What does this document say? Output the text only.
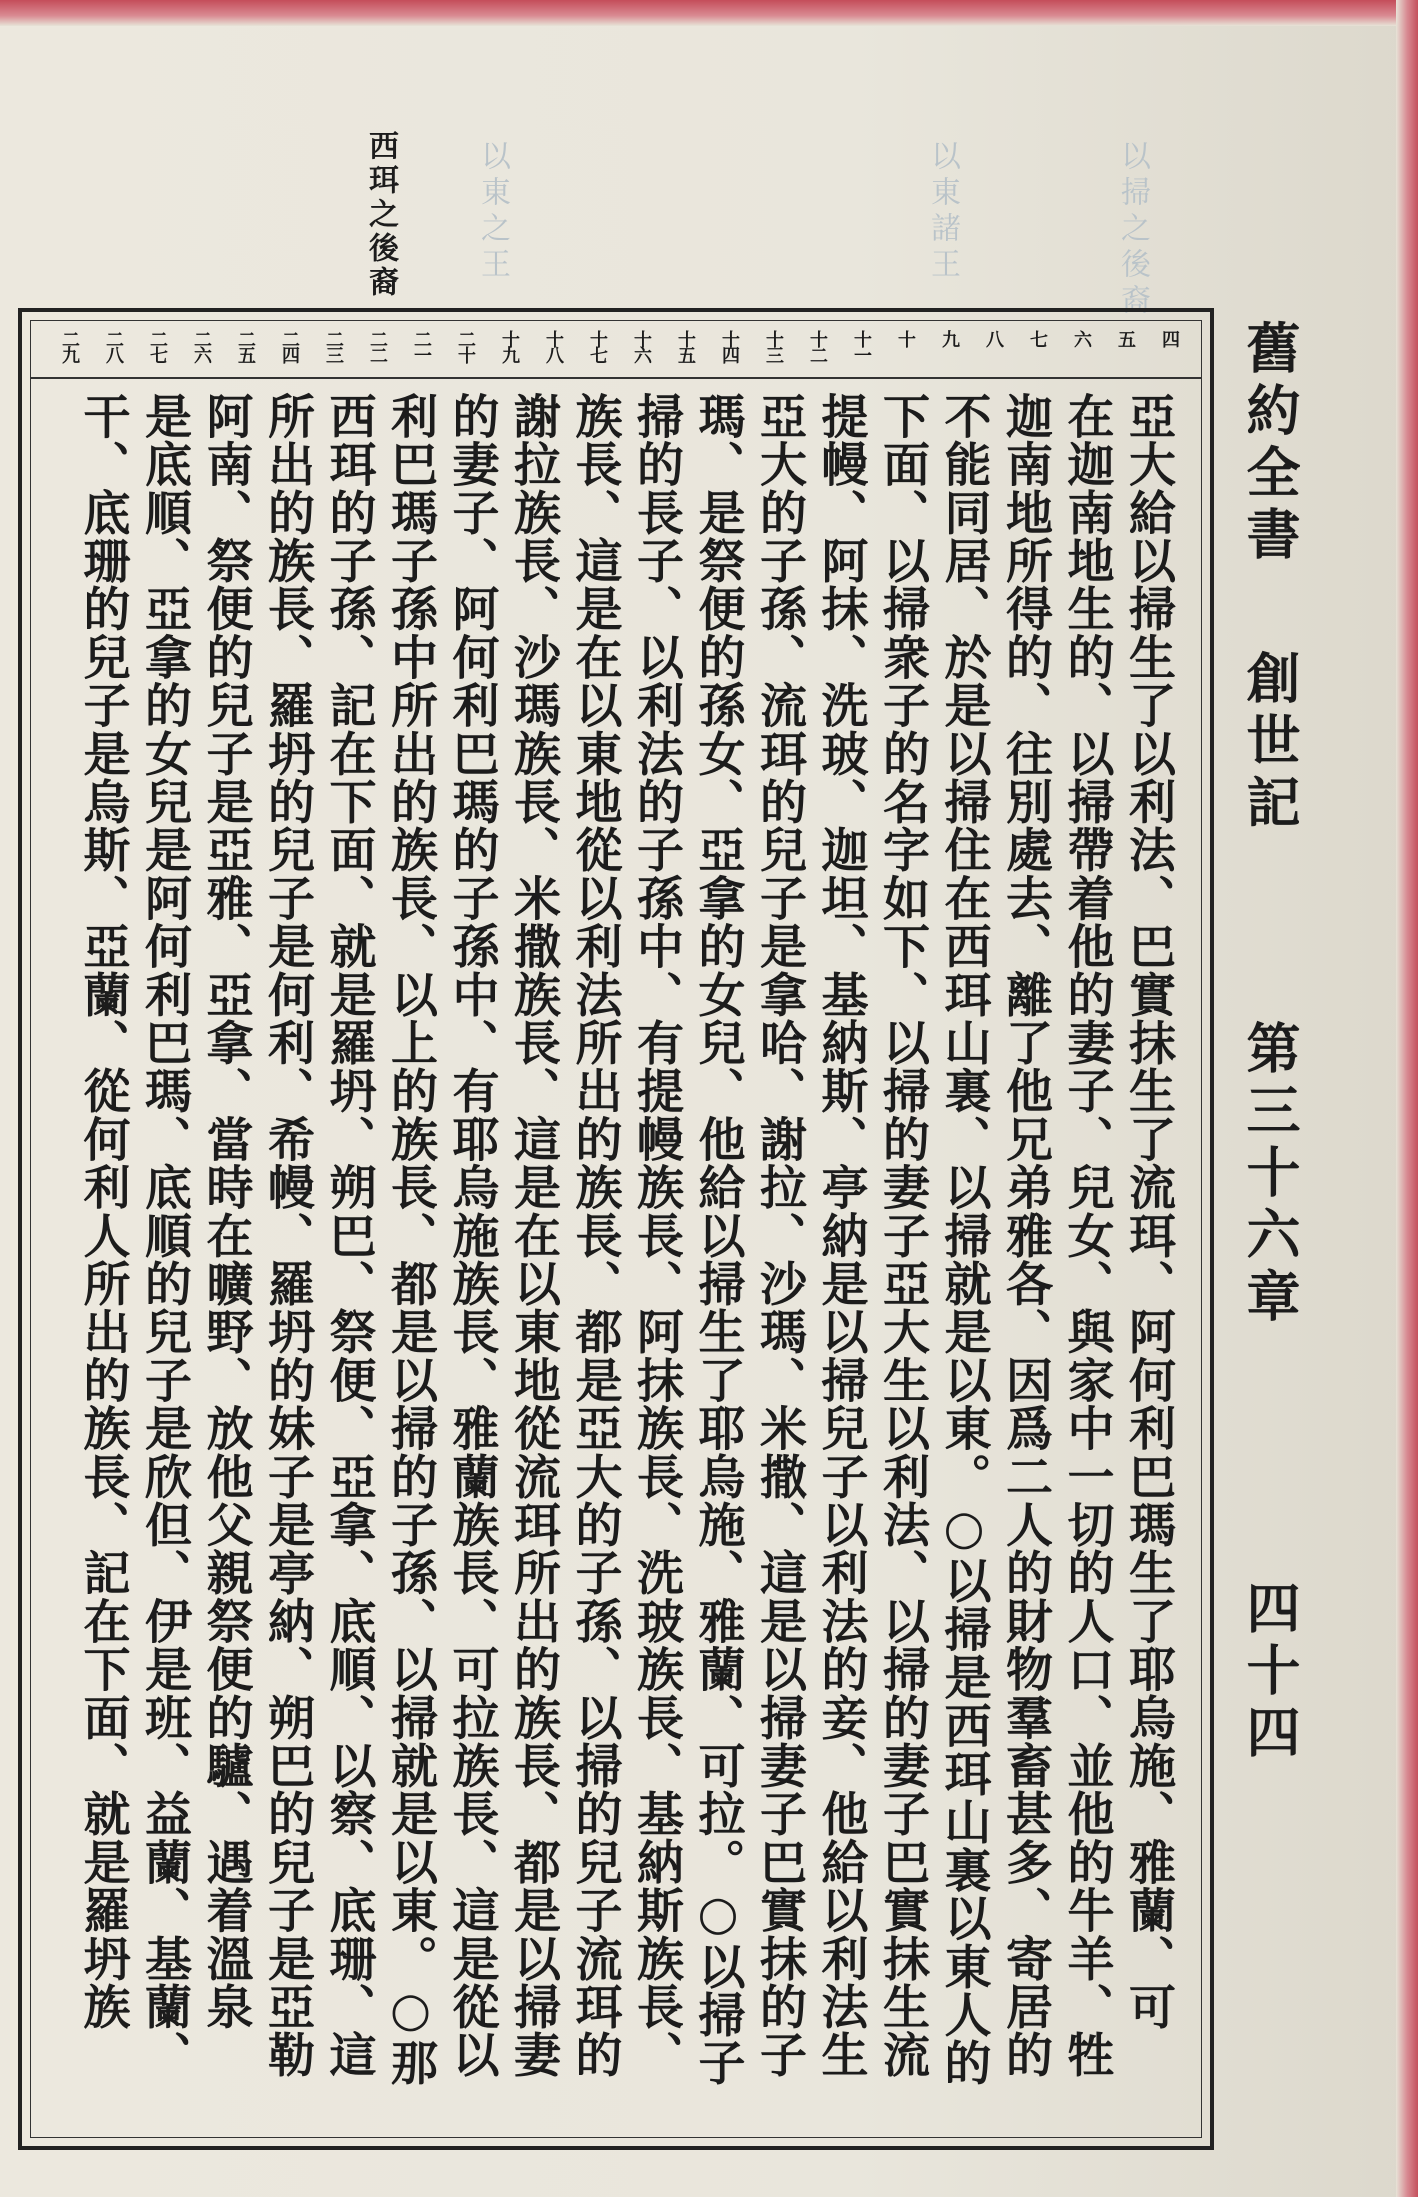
以掃之後裔
以東諸王
以東之王
西珥之後裔
舊約全書
創世記
第三十六章
四十四
四
五
六
七
八
九
十
十一
十二
十三
十四
十五
十六
十七
十八
十九
二十
二一
二二
二三
二四
二五
二六
二七
二八
二九
亞大給以掃生了以利法、巴實抹生了流珥、阿何利巴瑪生了耶烏施、雅蘭、可
在迦南地生的、以掃帶着他的妻子、兒女、與家中一切的人口、並他的牛羊、牲
迦南地所得的、往別處去、離了他兄弟雅各、因爲二人的財物羣畜甚多、寄居的
不能同居、於是以掃住在西珥山裏、以掃就是以東。○以掃是西珥山裏以東人的
下面、以掃衆子的名字如下、以掃的妻子亞大生以利法、以掃的妻子巴實抹生流
提幔、阿抹、洗玻、迦坦、基納斯、亭納是以掃兒子以利法的妾、他給以利法生
亞大的子孫、流珥的兒子是拿哈、謝拉、沙瑪、米撒、這是以掃妻子巴實抹的子
瑪、是祭便的孫女、亞拿的女兒、他給以掃生了耶烏施、雅蘭、可拉。○以掃子
掃的長子、以利法的子孫中、有提幔族長、阿抹族長、洗玻族長、基納斯族長、
族長、這是在以東地從以利法所出的族長、都是亞大的子孫、以掃的兒子流珥的
謝拉族長、沙瑪族長、米撒族長、這是在以東地從流珥所出的族長、都是以掃妻
的妻子、阿何利巴瑪的子孫中、有耶烏施族長、雅蘭族長、可拉族長、這是從以
利巴瑪子孫中所出的族長、以上的族長、都是以掃的子孫、以掃就是以東。○那
西珥的子孫、記在下面、就是羅坍、朔巴、祭便、亞拿、底順、以察、底珊、這
所出的族長、羅坍的兒子是何利、希幔、羅坍的妹子是亭納、朔巴的兒子是亞勒
阿南、祭便的兒子是亞雅、亞拿、當時在曠野、放他父親祭便的驢、遇着溫泉
是底順、亞拿的女兒是阿何利巴瑪、底順的兒子是欣但、伊是班、益蘭、基蘭、
干、底珊的兒子是烏斯、亞蘭、從何利人所出的族長、記在下面、就是羅坍族
